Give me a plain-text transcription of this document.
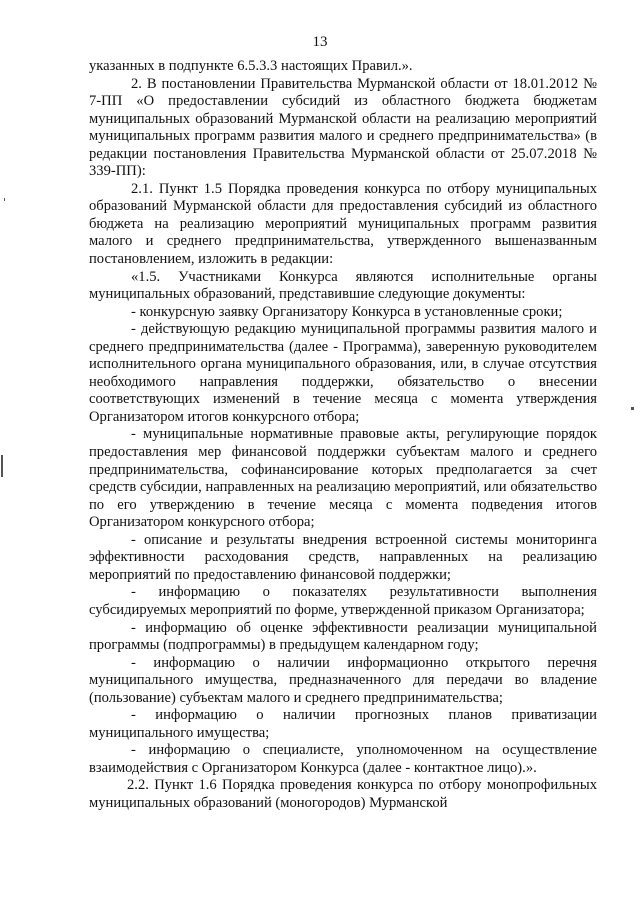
13

указанных в подпункте 6.5.3.3 настоящих Правил.».

2. В постановлении Правительства Мурманской области от 18.01.2012 № 7-ПП «О предоставлении субсидий из областного бюджета бюджетам муниципальных образований Мурманской области на реализацию мероприятий муниципальных программ развития малого и среднего предпринимательства» (в редакции постановления Правительства Мурманской области от 25.07.2018 № 339-ПП):

2.1. Пункт 1.5 Порядка проведения конкурса по отбору муниципальных образований Мурманской области для предоставления субсидий из областного бюджета на реализацию мероприятий муниципальных программ развития малого и среднего предпринимательства, утвержденного вышеназванным постановлением, изложить в редакции:

«1.5. Участниками Конкурса являются исполнительные органы муниципальных образований, представившие следующие документы:

- конкурсную заявку Организатору Конкурса в установленные сроки;

- действующую редакцию муниципальной программы развития малого и среднего предпринимательства (далее - Программа), заверенную руководителем исполнительного органа муниципального образования, или, в случае отсутствия необходимого направления поддержки, обязательство о внесении соответствующих изменений в течение месяца с момента утверждения Организатором итогов конкурсного отбора;

- муниципальные нормативные правовые акты, регулирующие порядок предоставления мер финансовой поддержки субъектам малого и среднего предпринимательства, софинансирование которых предполагается за счет средств субсидии, направленных на реализацию мероприятий, или обязательство по его утверждению в течение месяца с момента подведения итогов Организатором конкурсного отбора;

- описание и результаты внедрения встроенной системы мониторинга эффективности расходования средств, направленных на реализацию мероприятий по предоставлению финансовой поддержки;

- информацию о показателях результативности выполнения субсидируемых мероприятий по форме, утвержденной приказом Организатора;

- информацию об оценке эффективности реализации муниципальной программы (подпрограммы) в предыдущем календарном году;

- информацию о наличии информационно открытого перечня муниципального имущества, предназначенного для передачи во владение (пользование) субъектам малого и среднего предпринимательства;

- информацию о наличии прогнозных планов приватизации муниципального имущества;

- информацию о специалисте, уполномоченном на осуществление взаимодействия с Организатором Конкурса (далее - контактное лицо).».

2.2. Пункт 1.6 Порядка проведения конкурса по отбору монопрофильных муниципальных образований (моногородов) Мурманской
